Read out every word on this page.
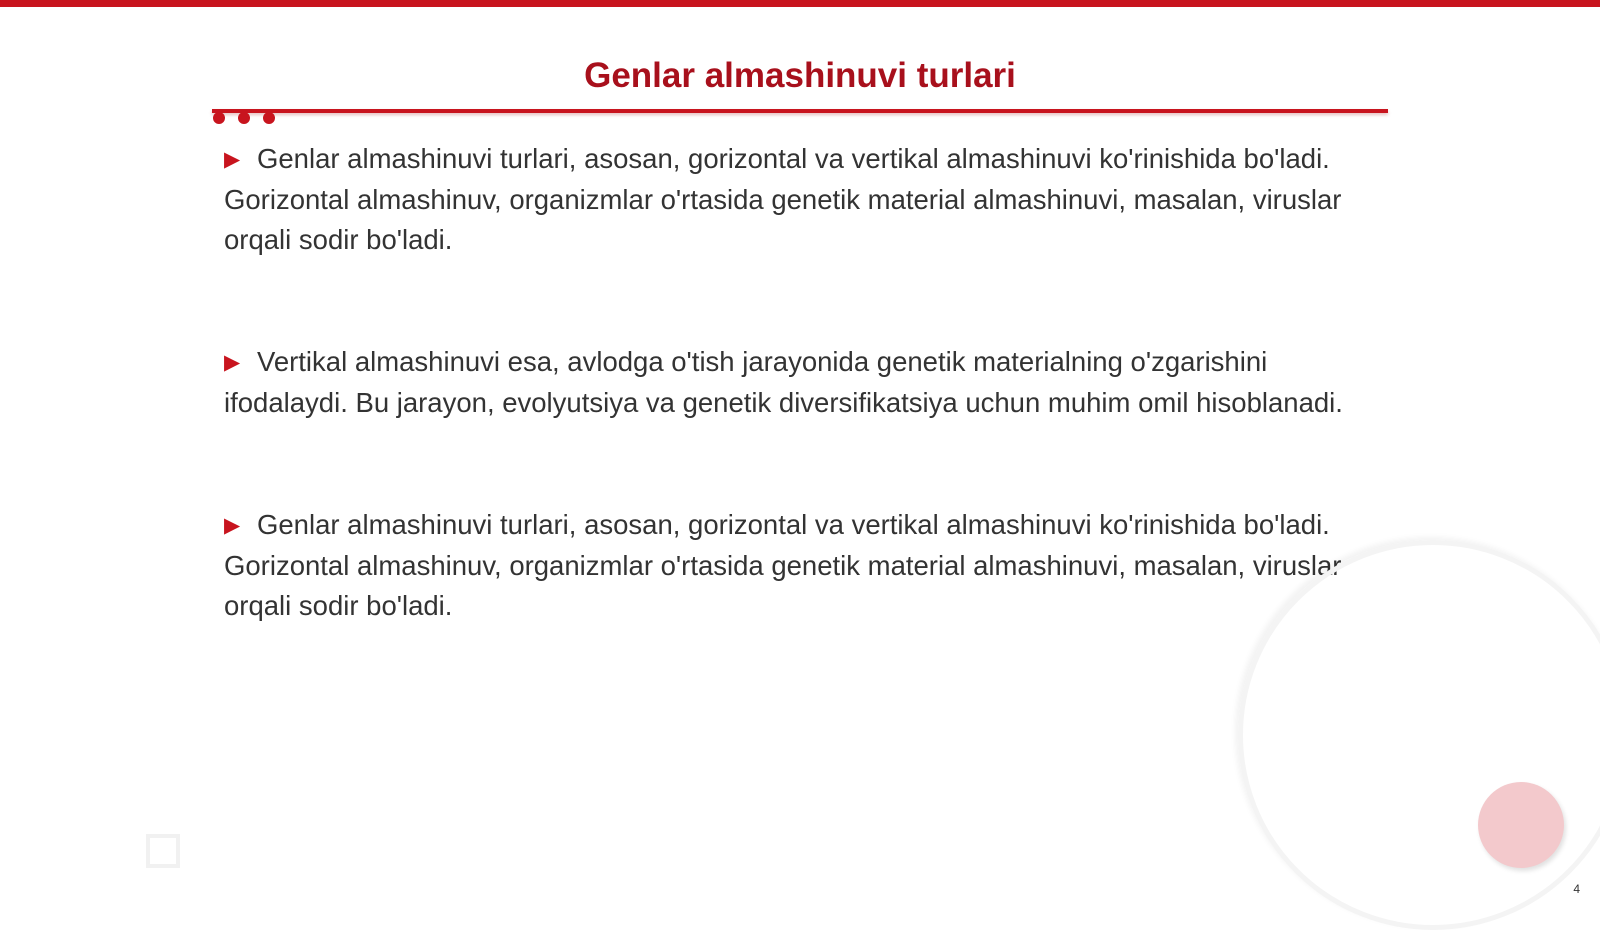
Genlar almashinuvi turlari

▶ Genlar almashinuvi turlari, asosan, gorizontal va vertikal almashinuvi ko'rinishida bo'ladi. Gorizontal almashinuv, organizmlar o'rtasida genetik material almashinuvi, masalan, viruslar orqali sodir bo'ladi.

▶ Vertikal almashinuvi esa, avlodga o'tish jarayonida genetik materialning o'zgarishini ifodalaydi. Bu jarayon, evolyutsiya va genetik diversifikatsiya uchun muhim omil hisoblanadi.

▶ Genlar almashinuvi turlari, asosan, gorizontal va vertikal almashinuvi ko'rinishida bo'ladi. Gorizontal almashinuv, organizmlar o'rtasida genetik material almashinuvi, masalan, viruslar orqali sodir bo'ladi.

4
